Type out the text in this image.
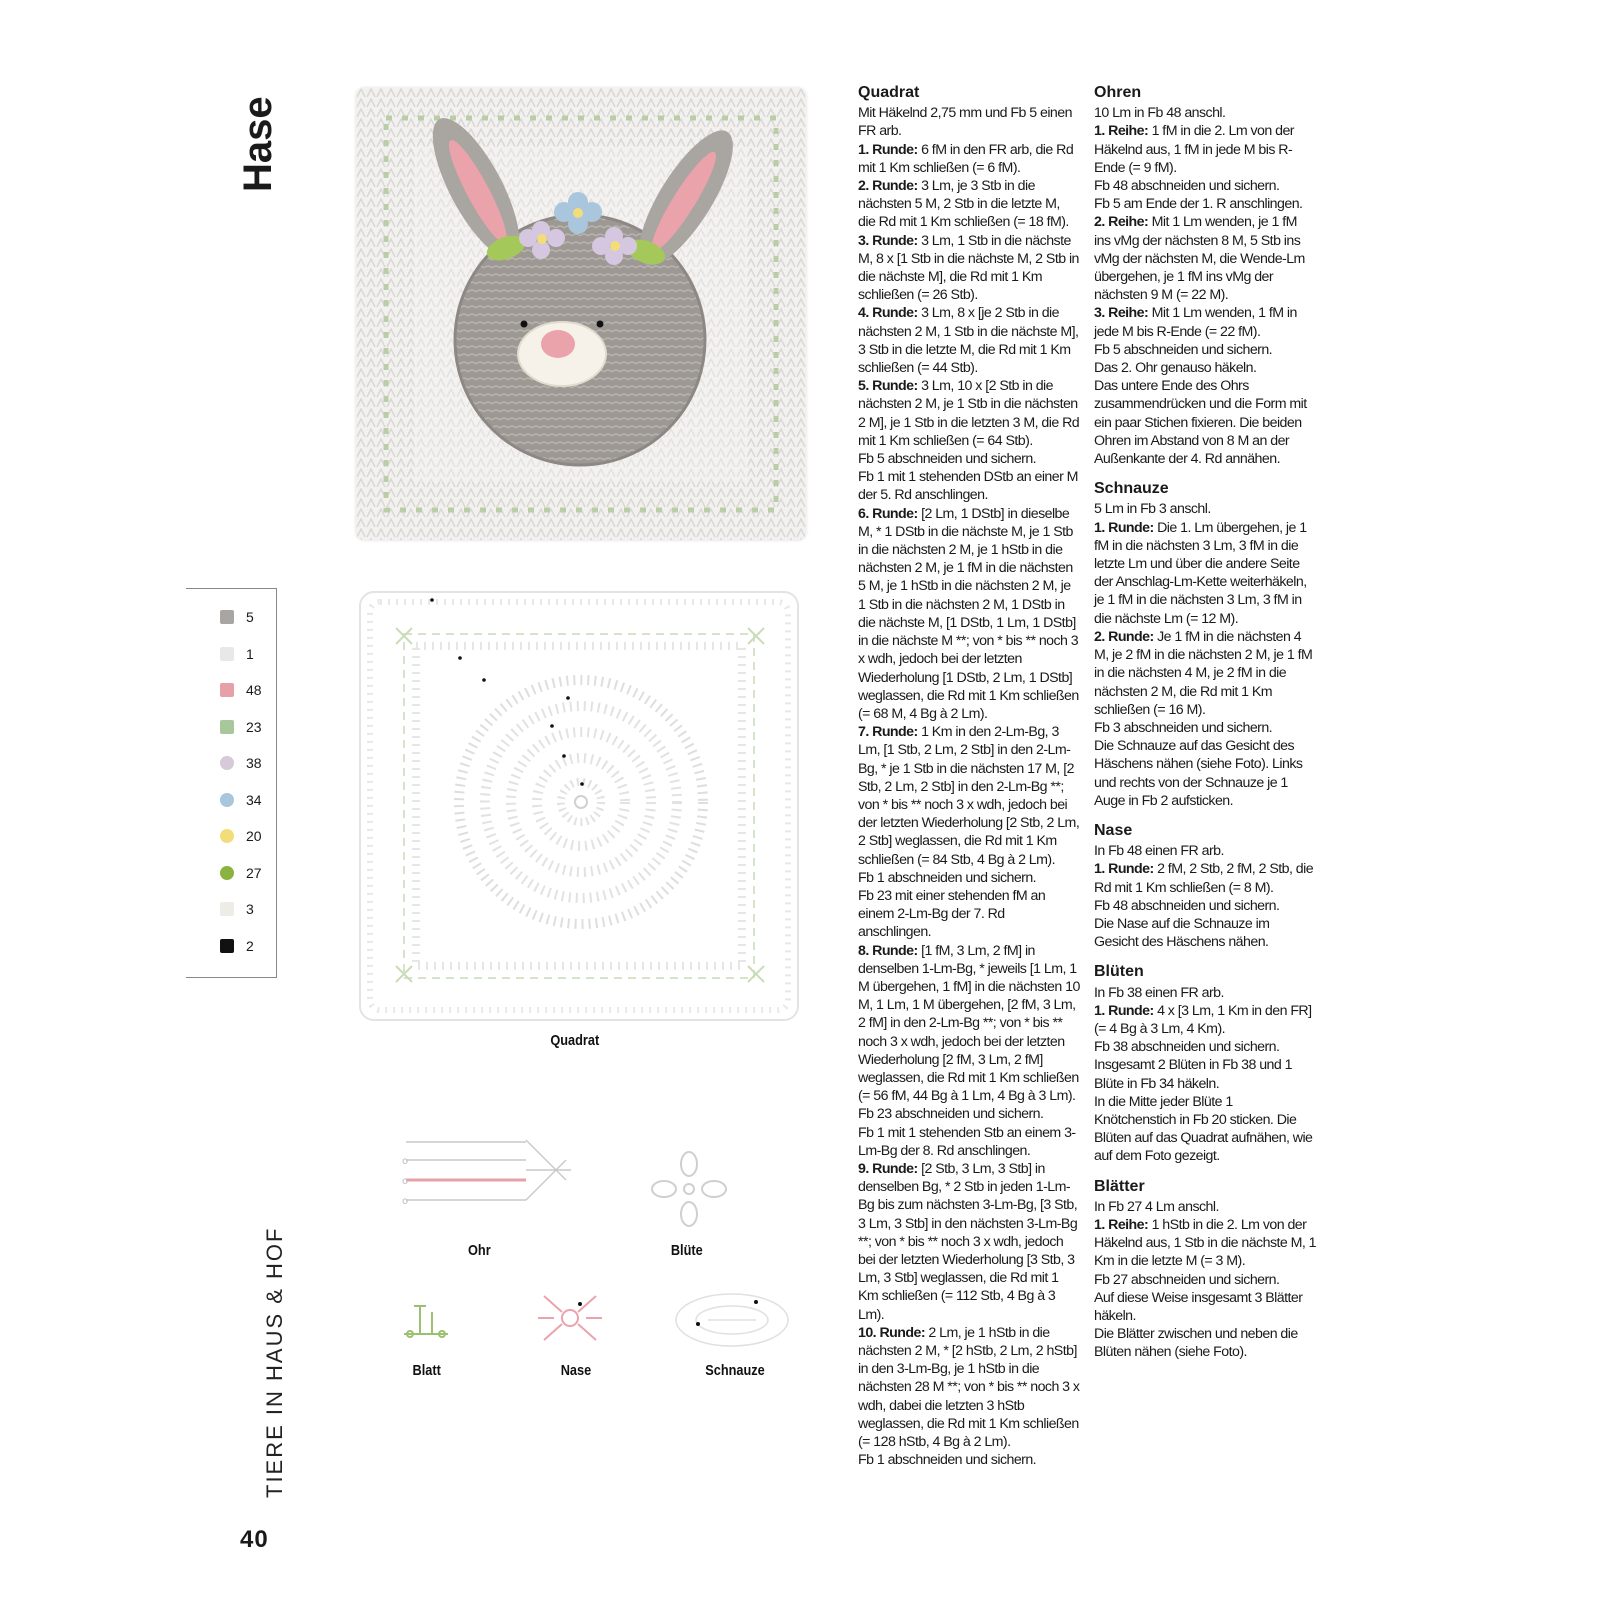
Hase
TIERE IN HAUS & HOF
40
5
1
48
23
38
34
20
27
3
2
Quadrat
o
o
o
Ohr	Blüte
Blatt	Nase	Schnauze
Quadrat

Mit Häkelnd 2,75 mm und Fb 5 einen FR arb.

1. Runde: 6 fM in den FR arb, die Rd mit 1 Km schließen (= 6 fM).

2. Runde: 3 Lm, je 3 Stb in die nächsten 5 M, 2 Stb in die letzte M, die Rd mit 1 Km schließen (= 18 fM).

3. Runde: 3 Lm, 1 Stb in die nächste M, 8 x [1 Stb in die nächste M, 2 Stb in die nächste M], die Rd mit 1 Km schließen (= 26 Stb).

4. Runde: 3 Lm, 8 x [je 2 Stb in die nächsten 2 M, 1 Stb in die nächste M], 3 Stb in die letzte M, die Rd mit 1 Km schließen (= 44 Stb).

5. Runde: 3 Lm, 10 x [2 Stb in die nächsten 2 M, je 1 Stb in die nächsten 2 M], je 1 Stb in die letzten 3 M, die Rd mit 1 Km schließen (= 64 Stb).

Fb 5 abschneiden und sichern.

Fb 1 mit 1 stehenden DStb an einer M der 5. Rd anschlingen.

6. Runde: [2 Lm, 1 DStb] in dieselbe M, * 1 DStb in die nächste M, je 1 Stb in die nächsten 2 M, je 1 hStb in die nächsten 2 M, je 1 fM in die nächsten 5 M, je 1 hStb in die nächsten 2 M, je 1 Stb in die nächsten 2 M, 1 DStb in die nächste M, [1 DStb, 1 Lm, 1 DStb] in die nächste M **; von * bis ** noch 3 x wdh, jedoch bei der letzten Wiederholung [1 DStb, 2 Lm, 1 DStb] weglassen, die Rd mit 1 Km schließen (= 68 M, 4 Bg à 2 Lm).

7. Runde: 1 Km in den 2-Lm-Bg, 3 Lm, [1 Stb, 2 Lm, 2 Stb] in den 2-Lm-Bg, * je 1 Stb in die nächsten 17 M, [2 Stb, 2 Lm, 2 Stb] in den 2-Lm-Bg **; von * bis ** noch 3 x wdh, jedoch bei der letzten Wiederholung [2 Stb, 2 Lm, 2 Stb] weglassen, die Rd mit 1 Km schließen (= 84 Stb, 4 Bg à 2 Lm).

Fb 1 abschneiden und sichern.

Fb 23 mit einer stehenden fM an einem 2-Lm-Bg der 7. Rd anschlingen.

8. Runde: [1 fM, 3 Lm, 2 fM] in denselben 1-Lm-Bg, * jeweils [1 Lm, 1 M übergehen, 1 fM] in die nächsten 10 M, 1 Lm, 1 M übergehen, [2 fM, 3 Lm, 2 fM] in den 2-Lm-Bg **; von * bis ** noch 3 x wdh, jedoch bei der letzten Wiederholung [2 fM, 3 Lm, 2 fM] weglassen, die Rd mit 1 Km schließen (= 56 fM, 44 Bg à 1 Lm, 4 Bg à 3 Lm).

Fb 23 abschneiden und sichern.

Fb 1 mit 1 stehenden Stb an einem 3-Lm-Bg der 8. Rd anschlingen.

9. Runde: [2 Stb, 3 Lm, 3 Stb] in denselben Bg, * 2 Stb in jeden 1-Lm-Bg bis zum nächsten 3-Lm-Bg, [3 Stb, 3 Lm, 3 Stb] in den nächsten 3-Lm-Bg **; von * bis ** noch 3 x wdh, jedoch bei der letzten Wiederholung [3 Stb, 3 Lm, 3 Stb] weglassen, die Rd mit 1 Km schließen (= 112 Stb, 4 Bg à 3 Lm).

10. Runde: 2 Lm, je 1 hStb in die nächsten 2 M, * [2 hStb, 2 Lm, 2 hStb] in den 3-Lm-Bg, je 1 hStb in die nächsten 28 M **; von * bis ** noch 3 x wdh, dabei die letzten 3 hStb weglassen, die Rd mit 1 Km schließen (= 128 hStb, 4 Bg à 2 Lm).

Fb 1 abschneiden und sichern.

Ohren

10 Lm in Fb 48 anschl.

1. Reihe: 1 fM in die 2. Lm von der Häkelnd aus, 1 fM in jede M bis R-Ende (= 9 fM).

Fb 48 abschneiden und sichern.

Fb 5 am Ende der 1. R anschlingen.

2. Reihe: Mit 1 Lm wenden, je 1 fM ins vMg der nächsten 8 M, 5 Stb ins vMg der nächsten M, die Wende-Lm übergehen, je 1 fM ins vMg der nächsten 9 M (= 22 M).

3. Reihe: Mit 1 Lm wenden, 1 fM in jede M bis R-Ende (= 22 fM).

Fb 5 abschneiden und sichern.

Das 2. Ohr genauso häkeln.

Das untere Ende des Ohrs zusammendrücken und die Form mit ein paar Stichen fixieren. Die beiden Ohren im Abstand von 8 M an der Außenkante der 4. Rd annähen.

Schnauze

5 Lm in Fb 3 anschl.

1. Runde: Die 1. Lm übergehen, je 1 fM in die nächsten 3 Lm, 3 fM in die letzte Lm und über die andere Seite der Anschlag-Lm-Kette weiterhäkeln, je 1 fM in die nächsten 3 Lm, 3 fM in die nächste Lm (= 12 M).

2. Runde: Je 1 fM in die nächsten 4 M, je 2 fM in die nächsten 2 M, je 1 fM in die nächsten 4 M, je 2 fM in die nächsten 2 M, die Rd mit 1 Km schließen (= 16 M).

Fb 3 abschneiden und sichern.

Die Schnauze auf das Gesicht des Häschens nähen (siehe Foto). Links und rechts von der Schnauze je 1 Auge in Fb 2 aufsticken.

Nase

In Fb 48 einen FR arb.

1. Runde: 2 fM, 2 Stb, 2 fM, 2 Stb, die Rd mit 1 Km schließen (= 8 M).

Fb 48 abschneiden und sichern.

Die Nase auf die Schnauze im Gesicht des Häschens nähen.

Blüten

In Fb 38 einen FR arb.

1. Runde: 4 x [3 Lm, 1 Km in den FR] (= 4 Bg à 3 Lm, 4 Km).

Fb 38 abschneiden und sichern.

Insgesamt 2 Blüten in Fb 38 und 1 Blüte in Fb 34 häkeln.

In die Mitte jeder Blüte 1 Knötchenstich in Fb 20 sticken. Die Blüten auf das Quadrat aufnähen, wie auf dem Foto gezeigt.

Blätter

In Fb 27 4 Lm anschl.

1. Reihe: 1 hStb in die 2. Lm von der Häkelnd aus, 1 Stb in die nächste M, 1 Km in die letzte M (= 3 M).

Fb 27 abschneiden und sichern.

Auf diese Weise insgesamt 3 Blätter häkeln.

Die Blätter zwischen und neben die Blüten nähen (siehe Foto).
